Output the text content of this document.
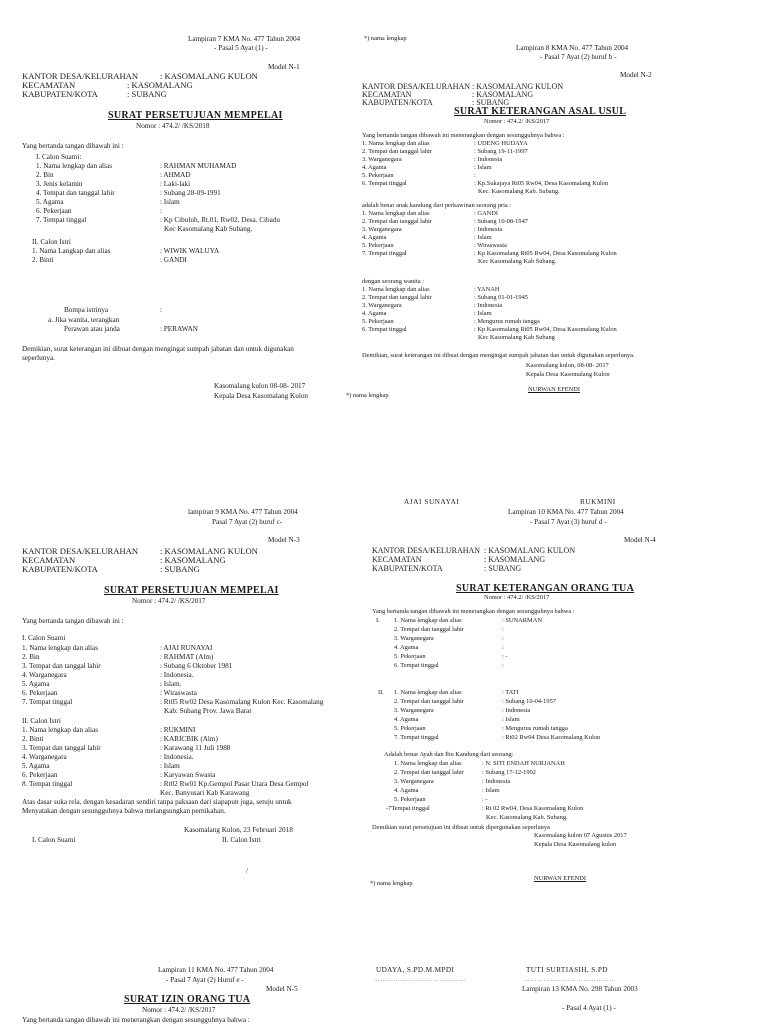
Lampiran 7 KMA No. 477 Tahun 2004
- Pasal 5 Ayat (1) -
Model N-1
KANTOR DESA/KELURAHAN	: KASOMALANG KULON
KECAMATAN	: KASOMALANG
KABUPATEN/KOTA	: SUBANG
SURAT PERSETUJUAN MEMPELAI
Nomor : 474.2/ /KS/2018
Yang bertanda tangan dibawah ini :
I. Calon Suami:
1. Nama lengkap dan alias	: RAHMAN MUHAMAD
2. Bin	: AHMAD
3. Jenis kelamin	: Laki-laki
4. Tempat dan tanggal lahir	: Subang 28-09-1991
5. Agama	: Islam
6. Pekerjaan	:
7. Tempat tinggal	: Kp Cibuluh, Rt.01, Rw02, Desa. Cibadu
Kec Kasomalang Kab Subang.
II. Calon Istri
1. Nama Langkap dan alias	: WIWIK WALUYA
2. Binti	: GANDI
Bompa istrinya	:
a. Jika wanita, terangkan
Perawan atau janda	: PERAWAN
Demikian, surat keterangan ini dibuat dengan mengingat sumpah jabatan dan untuk digunakan
seperlunya.
Kasomalang kulon 08-08- 2017
Kepala Desa Kasomalang Kulon
*) nama lengkap
Lampiran 8 KMA No. 477 Tahun 2004
- Pasal 7 Ayat (2) huruf b -
Model N-2
KANTOR DESA/KELURAHAN : KASOMALANG KULON
KECAMATAN	: KASOMALANG
KABUPATEN/KOTA	: SUBANG
SURAT KETERANGAN ASAL USUL
Nomor : 474.2/ /KS/2017
Yang bertanda tangan dibawah ini menerangkan dengan sesungguhnya bahwa :
1. Nama lengkap dan alias	: UDENG HUDAYA
2. Tempat dan tanggal lahir	: Subang 19-11-1997
3. Warganegara	: Indonesia
4. Agama	: Islam
5. Pekerjaan	:
6. Tempat tinggal	: Kp.Sukajaya Rt05 Rw04, Desa Kasomalang Kulon
Kec. Kasomalang Kab. Subang.
adalah benar anak kandung dari perkawinan seorang pria :
1. Nama lengkap dan alias	: GANDI
2. Tempat dan tanggal lahir	: Subang 10-08-1947
3. Warganegara	: Indonesia
4. Agama	: Islam
5. Pekerjaan	: Wiraswasta
7. Tempat tinggal	: Kp Kasomalang Rt05 Rw04, Desa Kasomalang Kulon
Kec Kasomalang Kab Subang.
dengan seorang wanita :
1. Nama lengkap dan alias	: YANAH
2. Tempat dan tanggal lahir	: Subang 01-01-1945
3. Warganegara	: Indonesia
4. Agama	: Islam
5. Pekerjaan	: Mengurus rumah tangga
6. Tempat tinggal	: Kp Kasomalang Rt05 Rw04, Desa Kasomalang Kulon
Kec Kasomalang Kab Subang
Demikian, surat keterangan ini dibuat dengan mengingat sumpah jabatan dan untuk digunakan seperlunya.
Kasomalang kulon, 08-08- 2017
Kepala Desa Kasomalang Kulon
NURWAN EFENDI
*) nama lengkap
lampiran 9 KMA No. 477 Tahun 2004
Pasal 7 Ayat (2) huruf c-
Model N-3
KANTOR DESA/KELURAHAN	: KASOMALANG KULON
KECAMATAN	: KASOMALANG
KABUPATEN/KOTA	: SUBANG
SURAT PERSETUJUAN MEMPELAI
Nomor : 474.2/ /KS/2017
Yang bertanda tangan dibawah ini :
I. Calon Suami
1. Nama lengkap dan alias	: AJAI RUNAYAI
2. Bin	: RAHMAT (Alm)
3. Tempat dan tanggal lahir	: Subang 6 Oktober 1981
4. Warganegara	: Indonesia.
5. Agama	: Islam.
6. Pekerjaan	: Wiraswasta
7. Tempat tinggal	: Rt05 Rw02 Desa Kasomalang Kulon Kec. Kasomalang
Kab. Subang Prov. Jawa Barat
II. Calon Istri
1. Nama lengkap dan alias	: RUKMINI
2. Binti	: KARICBIK (Alm)
3. Tempat dan tanggal lahir	: Karawang 11 Juli 1988
4. Warganegara	: Indonesia.
5. Agama	: Islam
6. Pekerjaan	: Karyawan Swasta
8. Tempat tinggal	: Rt02 Rw01 Kp.Gempol Pasar Utara Desa Gempol
Kec. Banyusari Kab Karawang
Atas dasar suka rela, dengan kesadaran sendiri tanpa paksaan dari siapapun juga, setuju untuk
Menyatakan dengan sesungguhnya bahwa melangsungkan pernikahan.
Kasomalang Kulon, 23 Februari 2018
I. Calon Suami	II. Calon Istri
/
AJAI SUNAYAI	RUKMINI
Lampiran 10 KMA No. 477 Tahun 2004
- Pasal 7 Ayat (3) huruf d -
Model N-4
KANTOR DESA/KELURAHAN : KASOMALANG KULON
KECAMATAN	: KASOMALANG
KABUPATEN/KOTA	: SUBANG
SURAT KETERANGAN ORANG TUA
Nomor : 474.2/ /KS/2017
Yang bertanda tangan dibawah ini menerangkan dengan sesungguhnya bahwa :
I. 1. Nama lengkap dan alias	: SUNARMAN
2. Tempat dan tanggal lahir	:
3. Warganegara	:
4. Agama	:
5. Pekerjaan	: -
6. Tempat tinggal	:
II. 1. Nama lengkap dan alias	: TATI
2. Tempat dan tanggal lahir	: Subang 10-04-1957
3. Warganegara	: Indonesia
4. Agama	: Islam
5. Pekerjaan	: Mengurus rumah tangga
7. Tempat tinggal	: Rt02 Rw04 Desa Kasomalang Kulon
Adalah benar Ayah dan Ibu Kandung dari seorang:
1. Nama lengkap dan alias	: N. SITI ENDAH NURJANAH
2. Tempat dan tanggal lahir	: Subang 17-12-1992
3. Warganegara	: Indonesia
4. Agama	: Islam
5. Pekerjaan	: -
-7Tempat tinggal	: Rt 02 Rw04, Desa Kasomalang Kulon
Kec. Kasomalang Kab. Subang.
Demikian surat persetujuan ini dibuat untuk dipergunakan seperlunya
Kasomalang kulon 07 Agustus 2017
Kepala Desa Kasomalang kulon
NURWAN EFENDI
*) nama lengkap
Lampiran 11 KMA No. 477 Tahun 2004
- Pasal 7 Ayat (2) Huruf e -
Model N-5
SURAT IZIN ORANG TUA
Nomor : 474.2/ /KS/2017
Yang bertanda tangan dibawah ini menerangkan dengan sesungguhnya bahwa :
UDAYA, S.PD.M.MPDI	TUTI SURTIASIH, S.PD
……………………………………	……………………………………
Lampiran 13 KMA No. 298 Tahun 2003
- Pasal 4 Ayat (1) -
